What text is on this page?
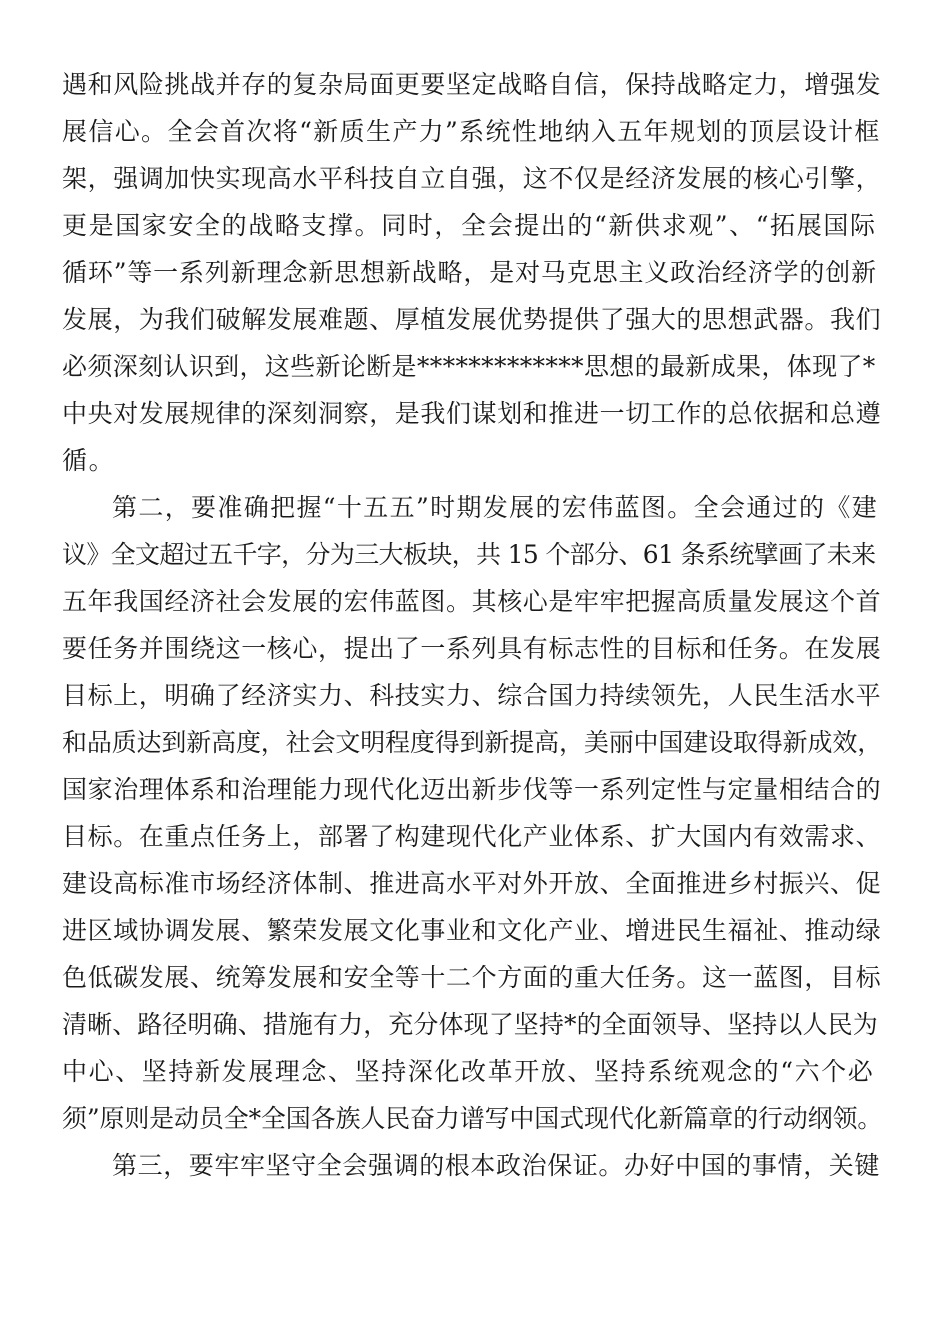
遇和风险挑战并存的复杂局面更要坚定战略自信，保持战略定力，增强发
展信心。全会首次将“新质生产力”系统性地纳入五年规划的顶层设计框
架，强调加快实现高水平科技自立自强，这不仅是经济发展的核心引擎，
更是国家安全的战略支撑。同时，全会提出的“新供求观”、“拓展国际
循环”等一系列新理念新思想新战略，是对马克思主义政治经济学的创新
发展，为我们破解发展难题、厚植发展优势提供了强大的思想武器。我们
必须深刻认识到，这些新论断是*************思想的最新成果，体现了*
中央对发展规律的深刻洞察，是我们谋划和推进一切工作的总依据和总遵
循。
第二，要准确把握“十五五”时期发展的宏伟蓝图。全会通过的《建
议》全文超过五千字，分为三大板块，共 15 个部分、61 条系统擘画了未来
五年我国经济社会发展的宏伟蓝图。其核心是牢牢把握高质量发展这个首
要任务并围绕这一核心，提出了一系列具有标志性的目标和任务。在发展
目标上，明确了经济实力、科技实力、综合国力持续领先，人民生活水平
和品质达到新高度，社会文明程度得到新提高，美丽中国建设取得新成效，
国家治理体系和治理能力现代化迈出新步伐等一系列定性与定量相结合的
目标。在重点任务上，部署了构建现代化产业体系、扩大国内有效需求、
建设高标准市场经济体制、推进高水平对外开放、全面推进乡村振兴、促
进区域协调发展、繁荣发展文化事业和文化产业、增进民生福祉、推动绿
色低碳发展、统筹发展和安全等十二个方面的重大任务。这一蓝图，目标
清晰、路径明确、措施有力，充分体现了坚持*的全面领导、坚持以人民为
中心、坚持新发展理念、坚持深化改革开放、坚持系统观念的“六个必
须”原则是动员全*全国各族人民奋力谱写中国式现代化新篇章的行动纲领。
第三，要牢牢坚守全会强调的根本政治保证。办好中国的事情，关键
